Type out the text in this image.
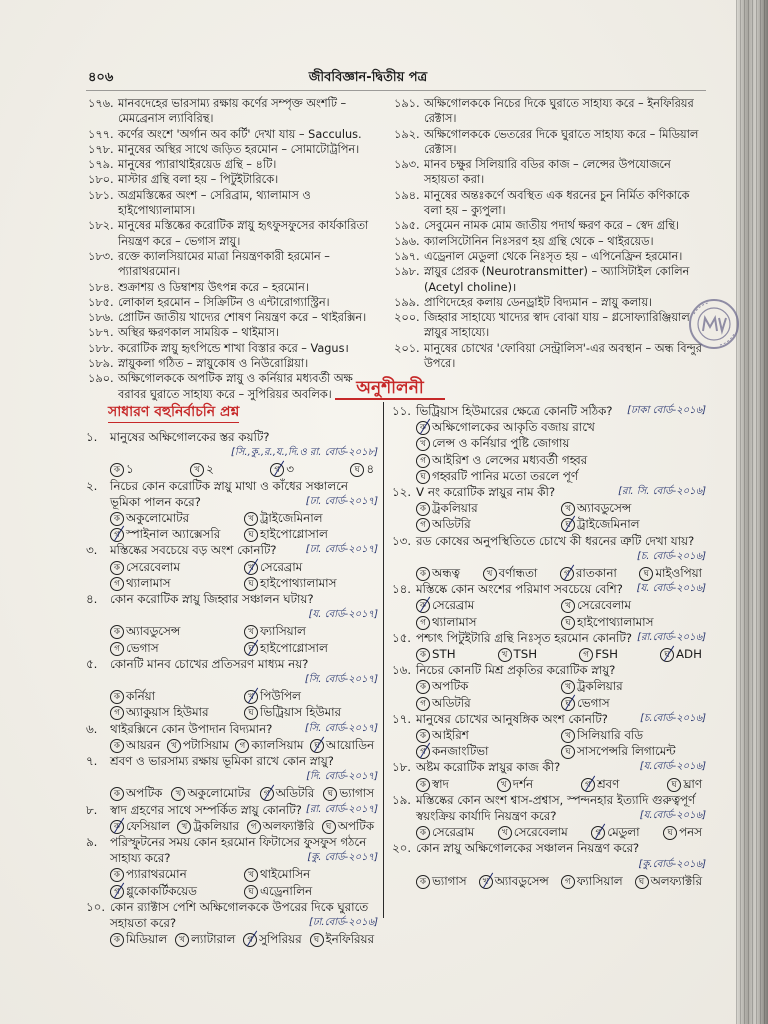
৪০৬	জীববিজ্ঞান-দ্বিতীয় পত্র
১৭৬. মানবদেহের ভারসাম্য রক্ষায় কর্ণের সম্পৃক্ত অংশটি – মেমব্রেনাস ল্যাবিরিন্থ।
১৭৭. কর্ণের অংশে 'অর্গান অব কর্টি' দেখা যায় – Sacculus.
১৭৮. মানুষের অস্থির সাথে জড়িত হরমোন – সোমাটোট্রপিন।
১৭৯. মানুষের প্যারাথাইরয়েড গ্রন্থি – ৪টি।
১৮০. মাস্টার গ্রন্থি বলা হয় – পিটুইটারিকে।
১৮১. অগ্রমস্তিষ্কের অংশ – সেরিব্রাম, থ্যালামাস ও হাইপোথ্যালামাস।
১৮২. মানুষের মস্তিষ্কের করোটিক স্নায়ু হৃৎফুসফুসের কার্যকারিতা নিয়ন্ত্রণ করে – ভেগাস স্নায়ু।
১৮৩. রক্তে ক্যালসিয়ামের মাত্রা নিয়ন্ত্রণকারী হরমোন – প্যারাথরমোন।
১৮৪. শুক্রাশয় ও ডিম্বাশয় উৎপন্ন করে – হরমোন।
১৮৫. লোকাল হরমোন – সিক্রিটিন ও এন্টারোগ্যাস্ট্রিন।
১৮৬. প্রোটিন জাতীয় খাদ্যের শোষণ নিয়ন্ত্রণ করে – থাইরক্সিন।
১৮৭. অস্থির ক্ষরণকাল সাময়িক – থাইমাস।
১৮৮. করোটিক স্নায়ু হৃৎপিন্ডে শাখা বিস্তার করে – Vagus।
১৮৯. স্নায়ুকলা গঠিত – স্নায়ুকোষ ও নিউরোগ্লিয়া।
১৯০. অক্ষিগোলককে অপটিক স্নায়ু ও কর্নিয়ার মধ্যবর্তী অক্ষ বরাবর ঘুরাতে সাহায্য করে – সুপিরিয়র অবলিক।
১৯১. অক্ষিগোলককে নিচের দিকে ঘুরাতে সাহায্য করে – ইনফিরিয়র রেক্টাস।
১৯২. অক্ষিগোলককে ভেতরের দিকে ঘুরাতে সাহায্য করে – মিডিয়াল রেক্টাস।
১৯৩. মানব চক্ষুর সিলিয়ারি বডির কাজ – লেন্সের উপযোজনে সহায়তা করা।
১৯৪. মানুষের অন্তঃকর্ণে অবস্থিত এক ধরনের চুন নির্মিত কণিকাকে বলা হয় – ক্যুপুলা।
১৯৫. সেবুমেন নামক মোম জাতীয় পদার্থ ক্ষরণ করে – স্বেদ গ্রন্থি।
১৯৬. ক্যালসিটোনিন নিঃসরণ হয় গ্রন্থি থেকে – থাইরয়েড।
১৯৭. এড্রেনাল মেডুলা থেকে নিঃসৃত হয় – এপিনেফ্রিন হরমোন।
১৯৮. স্নায়ুর প্রেরক (Neurotransmitter) – অ্যাসিটাইল কোলিন (Acetyl choline)।
১৯৯. প্রাণিদেহের কলায় ডেনড্রাইট বিদ্যমান – স্নায়ু কলায়।
২০০. জিহ্বার সাহায্যে খাদ্যের স্বাদ বোঝা যায় – গ্লসোফ্যারিঞ্জিয়াল স্নায়ুর সাহায্যে।
২০১. মানুষের চোখের 'ফোবিয়া সেন্ট্রালিস'-এর অবস্থান – অন্ধ বিন্দুর উপরে।
অনুশীলনী
সাধারণ বহুনির্বাচনি প্রশ্ন
১.	মানুষের অক্ষিগোলকের স্তর কয়টি?
[সি.,কু.,র.,য.,দি.ও রা. বোর্ড-২০১৮]
ক ১	খ ২	গ ৩	ঘ ৪
২.	নিচের কোন করোটিক স্নায়ু মাথা ও কাঁধের সঞ্চালনে ভূমিকা পালন করে?	[ঢা. বোর্ড-২০১৭]
ক অকুলোমোটর	খ ট্রাইজেমিনাল
গ স্পাইনাল অ্যাক্সেসরি	ঘ হাইপোগ্লোসাল
৩.	মস্তিষ্কের সবচেয়ে বড় অংশ কোনটি?	[ঢা. বোর্ড-২০১৭]
ক সেরেবেলাম	খ সেরেব্রাম
গ থ্যালামাস	ঘ হাইপোথ্যালামাস
৪.	কোন করোটিক স্নায়ু জিহ্বার সঞ্চালন ঘটায়?
[য. বোর্ড-২০১৭]
ক অ্যাবডুসেন্স	খ ফ্যাসিয়াল
গ ভেগাস	ঘ হাইপোগ্লোসাল
৫.	কোনটি মানব চোখের প্রতিসরণ মাধ্যম নয়?
[সি. বোর্ড-২০১৭]
ক কর্নিয়া	খ পিউপিল
গ অ্যাকুয়াস হিউমার	ঘ ভিট্রিয়াস হিউমার
৬.	থাইরক্সিনে কোন উপাদান বিদ্যমান?	[সি. বোর্ড-২০১৭]
ক আয়রন	খ পটাসিয়াম	গ ক্যালসিয়াম	ঘ আয়োডিন
৭.	শ্রবণ ও ভারসাম্য রক্ষায় ভূমিকা রাখে কোন স্নায়ু?
[দি. বোর্ড-২০১৭]
ক অপটিক	খ অকুলোমোটর	গ অডিটরি	ঘ ভ্যাগাস
৮.	স্বাদ গ্রহণের সাথে সম্পর্কিত স্নায়ু কোনটি? [রা. বোর্ড-২০১৭]
ক ফেসিয়াল	খ ট্রকলিয়ার	গ অলফ্যাক্টরি	ঘ অপটিক
৯.	পরিস্ফুটনের সময় কোন হরমোন ফিটাসের ফুসফুস গঠনে সাহায্য করে?	[কু. বোর্ড-২০১৭]
ক প্যারাথরমোন	খ থাইমোসিন
গ গ্লুকোকর্টিকয়েড	ঘ এড্রেনালিন
১০. কোন র‍্যাক্টাস পেশি অক্ষিগোলককে উপরের দিকে ঘুরাতে সহায়তা করে?	[ঢা.বোর্ড-২০১৬]
ক মিডিয়াল	খ ল্যাটারাল	গ সুপিরিয়র	ঘ ইনফিরিয়র
১১. ভিট্রিয়াস হিউমারের ক্ষেত্রে কোনটি সঠিক? [ঢাকা বোর্ড-২০১৬]
ক অক্ষিগোলকের আকৃতি বজায় রাখে
খ লেন্স ও কর্নিয়ার পুষ্টি জোগায়
গ আইরিশ ও লেন্সের মধ্যবর্তী গহ্বর
ঘ গহ্বরটি পানির মতো তরলে পূর্ণ
১২. V নং করোটিক স্নায়ুর নাম কী?	[রা. সি. বোর্ড-২০১৬]
ক ট্রকলিয়ার	খ অ্যাবডুসেন্স
গ অডিটরি	ঘ ট্রাইজেমিনাল
১৩. রড কোষের অনুপস্থিতিতে চোখে কী ধরনের ত্রুটি দেখা যায়?
[চ. বোর্ড-২০১৬]
ক অন্ধত্ব	খ বর্ণান্ধতা	গ রাতকানা	ঘ মাইওপিয়া
১৪. মস্তিষ্কে কোন অংশের পরিমাণ সবচেয়ে বেশি? [য. বোর্ড-২০১৬]
ক সেরেব্রাম	খ সেরেবেলাম
গ থ্যালামাস	ঘ হাইপোথ্যালামাস
১৫. পশ্চাৎ পিটুইটারি গ্রন্থি নিঃসৃত হরমোন কোনটি? [রা.বোর্ড-২০১৬]
ক STH	খ TSH	গ FSH	ঘ ADH
১৬. নিচের কোনটি মিশ্র প্রকৃতির করোটিক স্নায়ু?
ক অপটিক	খ ট্রকলিয়ার
গ অডিটরি	ঘ ভেগাস
১৭. মানুষের চোখের আনুষঙ্গিক অংশ কোনটি?	[চ.বোর্ড-২০১৬]
ক আইরিশ	খ সিলিয়ারি বডি
গ কনজাংটিভা	ঘ সাসপেন্সরি লিগামেন্ট
১৮. অষ্টম করোটিক স্নায়ুর কাজ কী?	[য.বোর্ড-২০১৬]
ক স্বাদ	খ দর্শন	গ শ্রবণ	ঘ ঘ্রাণ
১৯. মস্তিষ্কের কোন অংশ শ্বাস-প্রশ্বাস, স্পন্দনহার ইত্যাদি গুরুত্বপূর্ণ স্বয়ংক্রিয় কার্যাদি নিয়ন্ত্রণ করে?	[য.বোর্ড-২০১৬]
ক সেরেব্রাম	খ সেরেবেলাম	গ মেডুলা	ঘ পনস
২০. কোন স্নায়ু অক্ষিগোলকের সঞ্চালন নিয়ন্ত্রণ করে?
[কু.বোর্ড-২০১৬]
ক ভ্যাগাস	খ অ্যাবডুসেন্স	গ ফ্যাসিয়াল	ঘ অলফ্যাক্টরি
